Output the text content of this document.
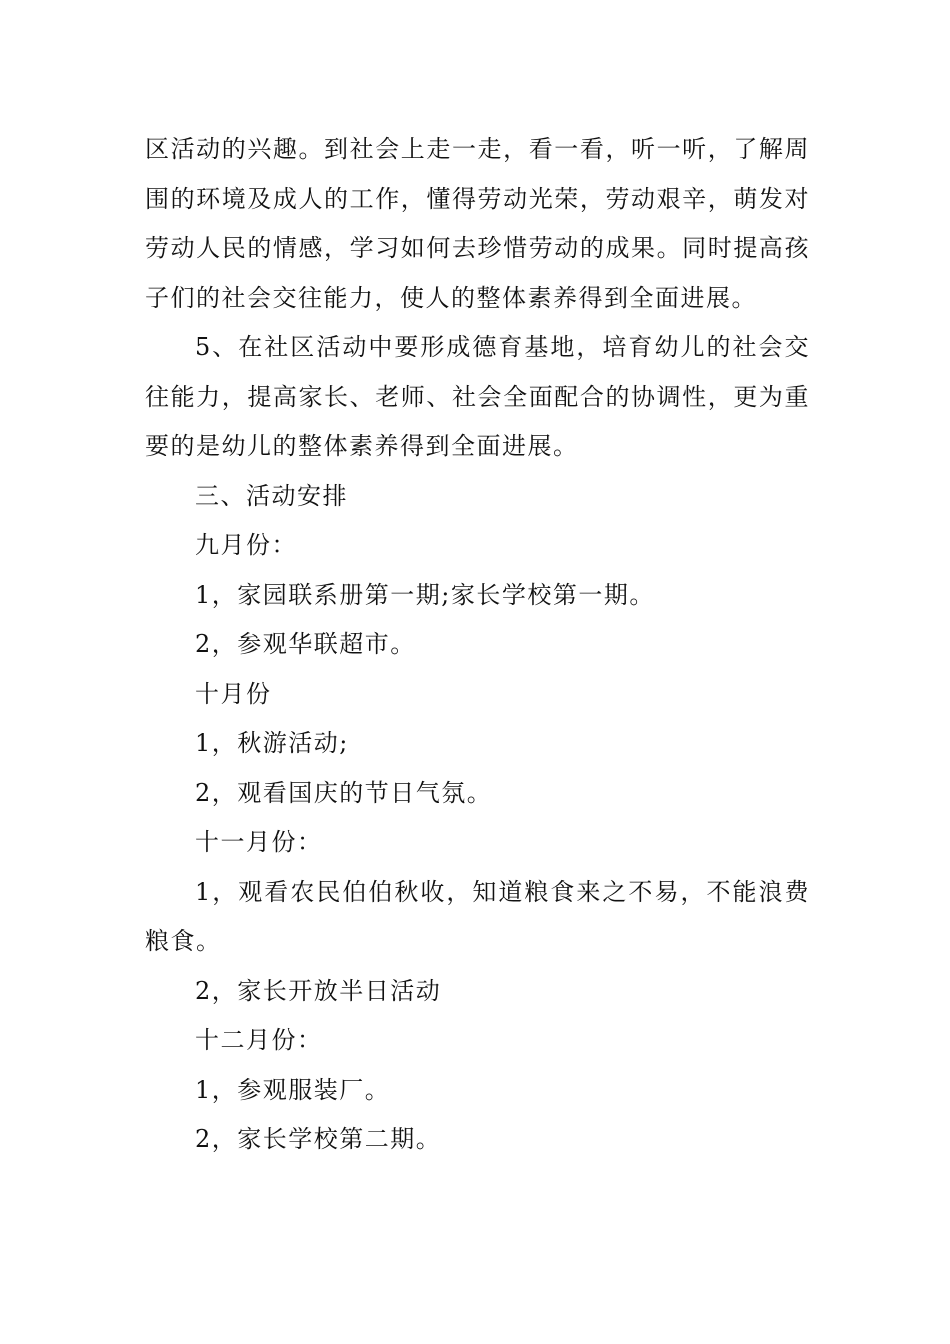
区活动的兴趣。到社会上走一走，看一看，听一听，了解周围的环境及成人的工作，懂得劳动光荣，劳动艰辛，萌发对劳动人民的情感，学习如何去珍惜劳动的成果。同时提高孩子们的社会交往能力，使人的整体素养得到全面进展。

5、在社区活动中要形成德育基地，培育幼儿的社会交往能力，提高家长、老师、社会全面配合的协调性，更为重要的是幼儿的整体素养得到全面进展。

三、活动安排

九月份：

1，家园联系册第一期;家长学校第一期。

2，参观华联超市。

十月份

1，秋游活动;

2，观看国庆的节日气氛。

十一月份：

1，观看农民伯伯秋收，知道粮食来之不易，不能浪费粮食。

2，家长开放半日活动

十二月份：

1，参观服装厂。

2，家长学校第二期。
